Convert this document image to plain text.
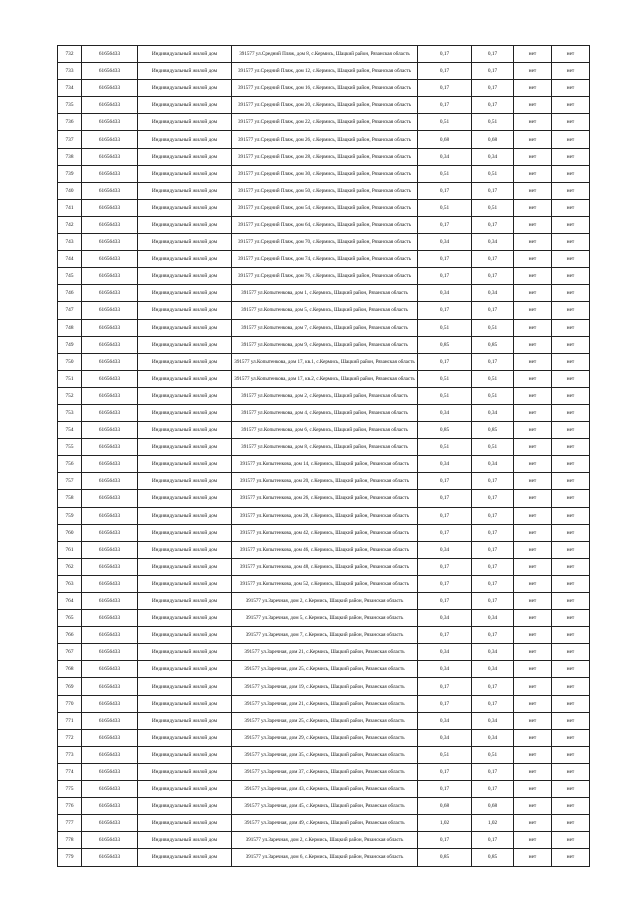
732	61656433	Индивидуальный жилой дом	391577 ул.Средний Пляж, дом 8, с.Кермись, Шацкий район, Рязанская область	0,17	0,17	нет	нет
733	61656433	Индивидуальный жилой дом	391577 ул.Средний Пляж, дом 12, с.Кермись, Шацкий район, Рязанская область	0,17	0,17	нет	нет
734	61656433	Индивидуальный жилой дом	391577 ул.Средний Пляж, дом 16, с.Кермись, Шацкий район, Рязанская область	0,17	0,17	нет	нет
735	61656433	Индивидуальный жилой дом	391577 ул.Средний Пляж, дом 20, с.Кермись, Шацкий район, Рязанская область	0,17	0,17	нет	нет
736	61656433	Индивидуальный жилой дом	391577 ул.Средний Пляж, дом 22, с.Кермись, Шацкий район, Рязанская область	0,51	0,51	нет	нет
737	61656433	Индивидуальный жилой дом	391577 ул.Средний Пляж, дом 26, с.Кермись, Шацкий район, Рязанская область	0,68	0,68	нет	нет
738	61656433	Индивидуальный жилой дом	391577 ул.Средний Пляж, дом 28, с.Кермись, Шацкий район, Рязанская область	0,34	0,34	нет	нет
739	61656433	Индивидуальный жилой дом	391577 ул.Средний Пляж, дом 30, с.Кермись, Шацкий район, Рязанская область	0,51	0,51	нет	нет
740	61656433	Индивидуальный жилой дом	391577 ул.Средний Пляж, дом 50, с.Кермись, Шацкий район, Рязанская область	0,17	0,17	нет	нет
741	61656433	Индивидуальный жилой дом	391577 ул.Средний Пляж, дом 54, с.Кермись, Шацкий район, Рязанская область	0,51	0,51	нет	нет
742	61656433	Индивидуальный жилой дом	391577 ул.Средний Пляж, дом 64, с.Кермись, Шацкий район, Рязанская область	0,17	0,17	нет	нет
743	61656433	Индивидуальный жилой дом	391577 ул.Средний Пляж, дом 70, с.Кермись, Шацкий район, Рязанская область	0,34	0,34	нет	нет
744	61656433	Индивидуальный жилой дом	391577 ул.Средний Пляж, дом 74, с.Кермись, Шацкий район, Рязанская область	0,17	0,17	нет	нет
745	61656433	Индивидуальный жилой дом	391577 ул.Средний Пляж, дом 76, с.Кермись, Шацкий район, Рязанская область	0,17	0,17	нет	нет
746	61656433	Индивидуальный жилой дом	391577 ул.Копытенкова, дом 1, с.Кермись, Шацкий район, Рязанская область	0,34	0,34	нет	нет
747	61656433	Индивидуальный жилой дом	391577 ул.Копытенкова, дом 5, с.Кермись, Шацкий район, Рязанская область	0,17	0,17	нет	нет
748	61656433	Индивидуальный жилой дом	391577 ул.Копытенкова, дом 7, с.Кермись, Шацкий район, Рязанская область	0,51	0,51	нет	нет
749	61656433	Индивидуальный жилой дом	391577 ул.Копытенкова, дом 9, с.Кермись, Шацкий район, Рязанская область	0,85	0,85	нет	нет
750	61656433	Индивидуальный жилой дом	391577 ул.Копытенкова, дом 17, кв.1, с.Кермись, Шацкий район, Рязанская область	0,17	0,17	нет	нет
751	61656433	Индивидуальный жилой дом	391577 ул.Копытенкова, дом 17, кв.2, с.Кермись, Шацкий район, Рязанская область	0,51	0,51	нет	нет
752	61656433	Индивидуальный жилой дом	391577 ул.Копытенкова, дом 2, с.Кермись, Шацкий район, Рязанская область	0,51	0,51	нет	нет
753	61656433	Индивидуальный жилой дом	391577 ул.Копытенкова, дом 4, с.Кермись, Шацкий район, Рязанская область	0,34	0,34	нет	нет
754	61656433	Индивидуальный жилой дом	391577 ул.Копытенкова, дом 6, с.Кермись, Шацкий район, Рязанская область	0,85	0,85	нет	нет
755	61656433	Индивидуальный жилой дом	391577 ул.Копытенкова, дом 8, с.Кермись, Шацкий район, Рязанская область	0,51	0,51	нет	нет
756	61656433	Индивидуальный жилой дом	391577 ул.Копытенкова, дом 14, с.Кермись, Шацкий район, Рязанская область	0,34	0,34	нет	нет
757	61656433	Индивидуальный жилой дом	391577 ул.Копытенкова, дом 20, с.Кермись, Шацкий район, Рязанская область	0,17	0,17	нет	нет
758	61656433	Индивидуальный жилой дом	391577 ул.Копытенкова, дом 26, с.Кермись, Шацкий район, Рязанская область	0,17	0,17	нет	нет
759	61656433	Индивидуальный жилой дом	391577 ул.Копытенкова, дом 28, с.Кермись, Шацкий район, Рязанская область	0,17	0,17	нет	нет
760	61656433	Индивидуальный жилой дом	391577 ул.Копытенкова, дом 42, с.Кермись, Шацкий район, Рязанская область	0,17	0,17	нет	нет
761	61656433	Индивидуальный жилой дом	391577 ул.Копытенкова, дом 46, с.Кермись, Шацкий район, Рязанская область	0,34	0,17	нет	нет
762	61656433	Индивидуальный жилой дом	391577 ул.Копытенкова, дом 48, с.Кермись, Шацкий район, Рязанская область	0,17	0,17	нет	нет
763	61656433	Индивидуальный жилой дом	391577 ул.Копытенкова, дом 52, с.Кермись, Шацкий район, Рязанская область	0,17	0,17	нет	нет
764	61656433	Индивидуальный жилой дом	391577 ул.Заречная, дом 2, с.Кермись, Шацкий район, Рязанская область	0,17	0,17	нет	нет
765	61656433	Индивидуальный жилой дом	391577 ул.Заречная, дом 5, с.Кермись, Шацкий район, Рязанская область	0,34	0,34	нет	нет
766	61656433	Индивидуальный жилой дом	391577 ул.Заречная, дом 7, с.Кермись, Шацкий район, Рязанская область	0,17	0,17	нет	нет
767	61656433	Индивидуальный жилой дом	391577 ул.Заречная, дом 21, с.Кермись, Шацкий район, Рязанская область	0,34	0,34	нет	нет
768	61656433	Индивидуальный жилой дом	391577 ул.Заречная, дом 25, с.Кермись, Шацкий район, Рязанская область	0,34	0,34	нет	нет
769	61656433	Индивидуальный жилой дом	391577 ул.Заречная, дом 19, с.Кермись, Шацкий район, Рязанская область	0,17	0,17	нет	нет
770	61656433	Индивидуальный жилой дом	391577 ул.Заречная, дом 21, с.Кермись, Шацкий район, Рязанская область	0,17	0,17	нет	нет
771	61656433	Индивидуальный жилой дом	391577 ул.Заречная, дом 25, с.Кермись, Шацкий район, Рязанская область	0,34	0,34	нет	нет
772	61656433	Индивидуальный жилой дом	391577 ул.Заречная, дом 29, с.Кермись, Шацкий район, Рязанская область	0,34	0,34	нет	нет
773	61656433	Индивидуальный жилой дом	391577 ул.Заречная, дом 35, с.Кермись, Шацкий район, Рязанская область	0,51	0,51	нет	нет
774	61656433	Индивидуальный жилой дом	391577 ул.Заречная, дом 37, с.Кермись, Шацкий район, Рязанская область	0,17	0,17	нет	нет
775	61656433	Индивидуальный жилой дом	391577 ул.Заречная, дом 43, с.Кермись, Шацкий район, Рязанская область	0,17	0,17	нет	нет
776	61656433	Индивидуальный жилой дом	391577 ул.Заречная, дом 45, с.Кермись, Шацкий район, Рязанская область	0,68	0,68	нет	нет
777	61656433	Индивидуальный жилой дом	391577 ул.Заречная, дом 49, с.Кермись, Шацкий район, Рязанская область	1,02	1,02	нет	нет
778	61656433	Индивидуальный жилой дом	391577 ул.Заречная, дом 2, с.Кермись, Шацкий район, Рязанская область	0,17	0,17	нет	нет
779	61656433	Индивидуальный жилой дом	391577 ул.Заречная, дом 6, с.Кермись, Шацкий район, Рязанская область	0,85	0,85	нет	нет
